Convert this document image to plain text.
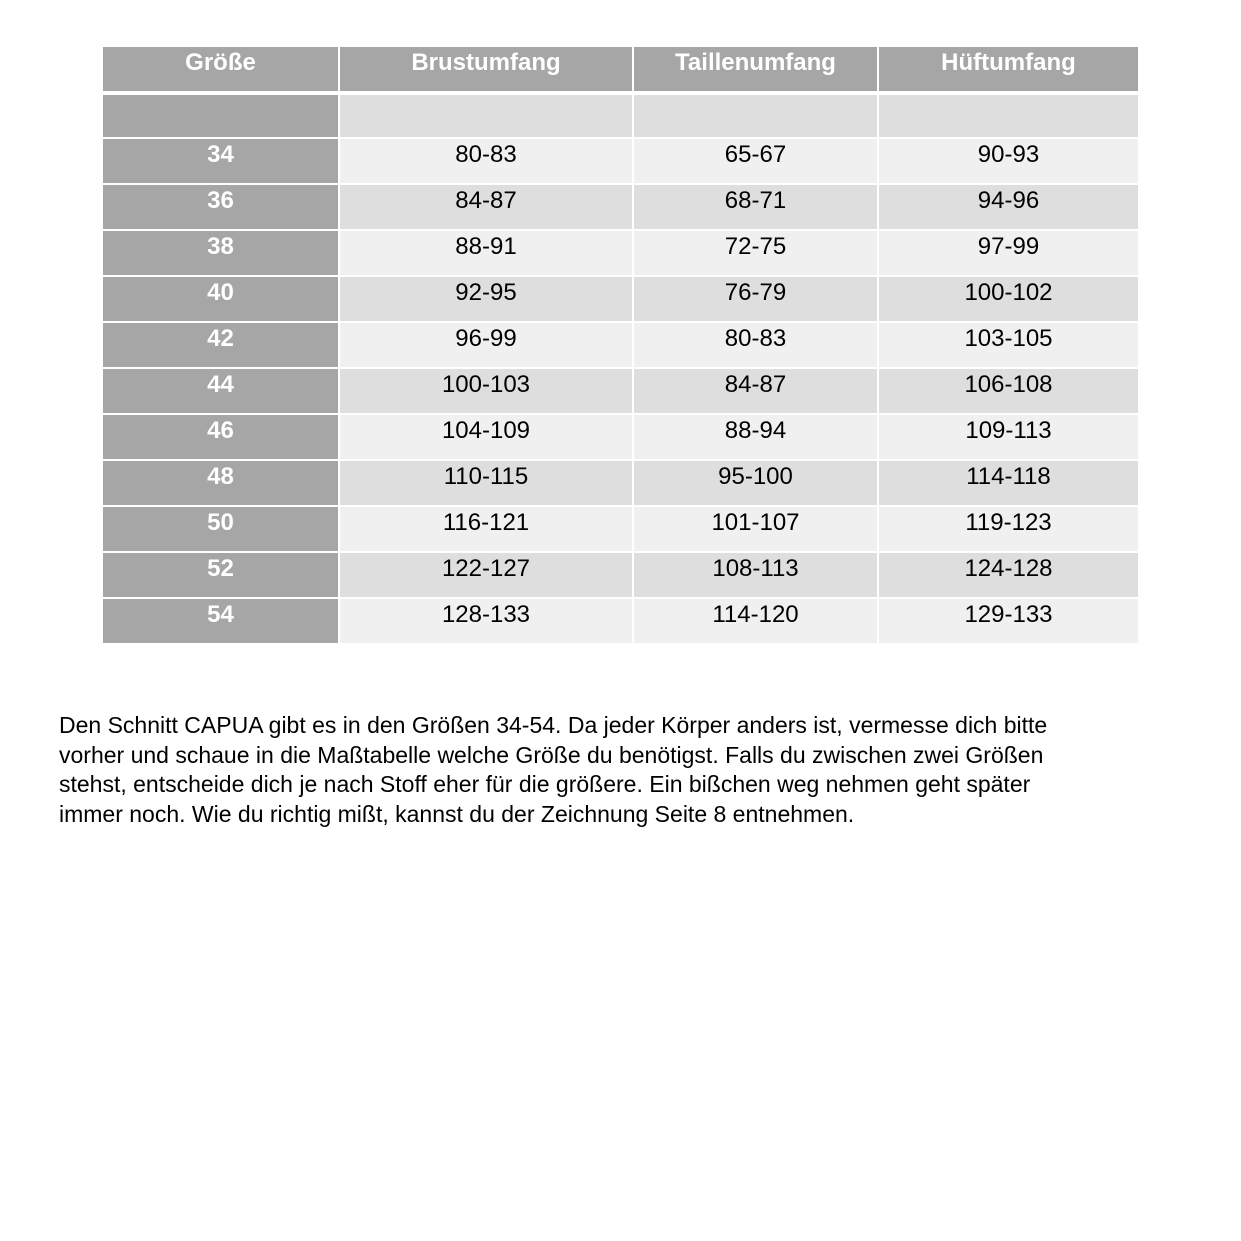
Größe	Brustumfang	Taillenumfang	Hüftumfang

34	80-83	65-67	90-93
36	84-87	68-71	94-96
38	88-91	72-75	97-99
40	92-95	76-79	100-102
42	96-99	80-83	103-105
44	100-103	84-87	106-108
46	104-109	88-94	109-113
48	110-115	95-100	114-118
50	116-121	101-107	119-123
52	122-127	108-113	124-128
54	128-133	114-120	129-133

Den Schnitt CAPUA gibt es in den Größen 34-54. Da jeder Körper anders ist, vermesse dich bitte
vorher und schaue in die Maßtabelle welche Größe du benötigst. Falls du zwischen zwei Größen
stehst, entscheide dich je nach Stoff eher für die größere. Ein bißchen weg nehmen geht später
immer noch. Wie du richtig mißt, kannst du der Zeichnung Seite 8 entnehmen.
